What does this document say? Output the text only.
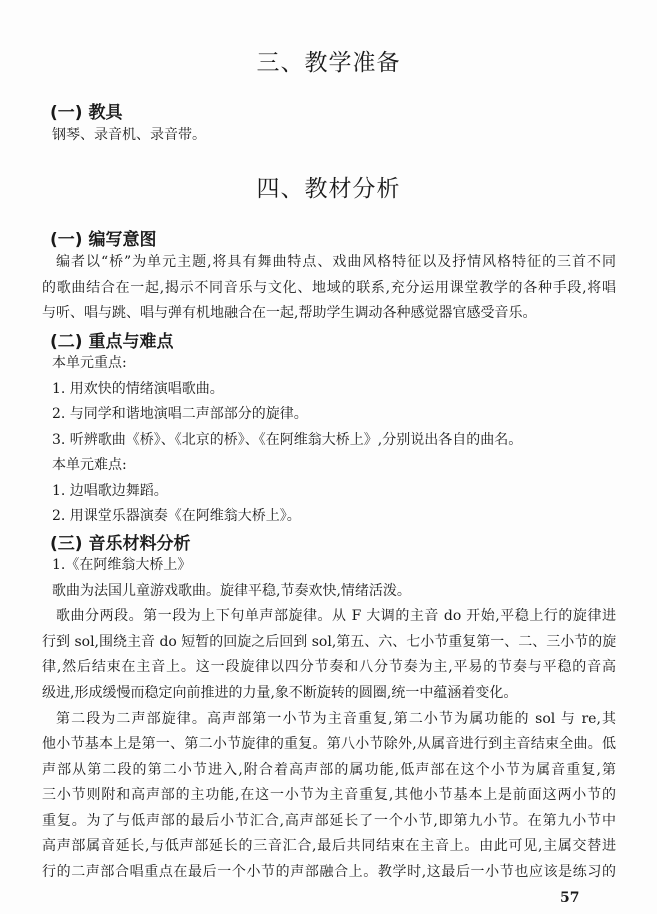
三、教学准备
(一) 教具
钢琴、录音机、录音带。
四、教材分析
(一) 编写意图
编者以“桥”为单元主题,将具有舞曲特点、戏曲风格特征以及抒情风格特征的三首不同
的歌曲结合在一起,揭示不同音乐与文化、地域的联系,充分运用课堂教学的各种手段,将唱
与听、唱与跳、唱与弹有机地融合在一起,帮助学生调动各种感觉器官感受音乐。
(二) 重点与难点
本单元重点:
1. 用欢快的情绪演唱歌曲。
2. 与同学和谐地演唱二声部部分的旋律。
3. 听辨歌曲《桥》、《北京的桥》、《在阿维翁大桥上》,分别说出各自的曲名。
本单元难点:
1. 边唱歌边舞蹈。
2. 用课堂乐器演奏《在阿维翁大桥上》。
(三) 音乐材料分析
1.《在阿维翁大桥上》
歌曲为法国儿童游戏歌曲。旋律平稳,节奏欢快,情绪活泼。
歌曲分两段。第一段为上下句单声部旋律。从 F 大调的主音 do 开始,平稳上行的旋律进
行到 sol,围绕主音 do 短暂的回旋之后回到 sol,第五、六、七小节重复第一、二、三小节的旋
律,然后结束在主音上。这一段旋律以四分节奏和八分节奏为主,平易的节奏与平稳的音高
级进,形成缓慢而稳定向前推进的力量,象不断旋转的圆圈,统一中蕴涵着变化。
第二段为二声部旋律。高声部第一小节为主音重复,第二小节为属功能的 sol 与 re,其
他小节基本上是第一、第二小节旋律的重复。第八小节除外,从属音进行到主音结束全曲。低
声部从第二段的第二小节进入,附合着高声部的属功能,低声部在这个小节为属音重复,第
三小节则附和高声部的主功能,在这一小节为主音重复,其他小节基本上是前面这两小节的
重复。为了与低声部的最后小节汇合,高声部延长了一个小节,即第九小节。在第九小节中
高声部属音延长,与低声部延长的三音汇合,最后共同结束在主音上。由此可见,主属交替进
行的二声部合唱重点在最后一个小节的声部融合上。教学时,这最后一小节也应该是练习的
57
